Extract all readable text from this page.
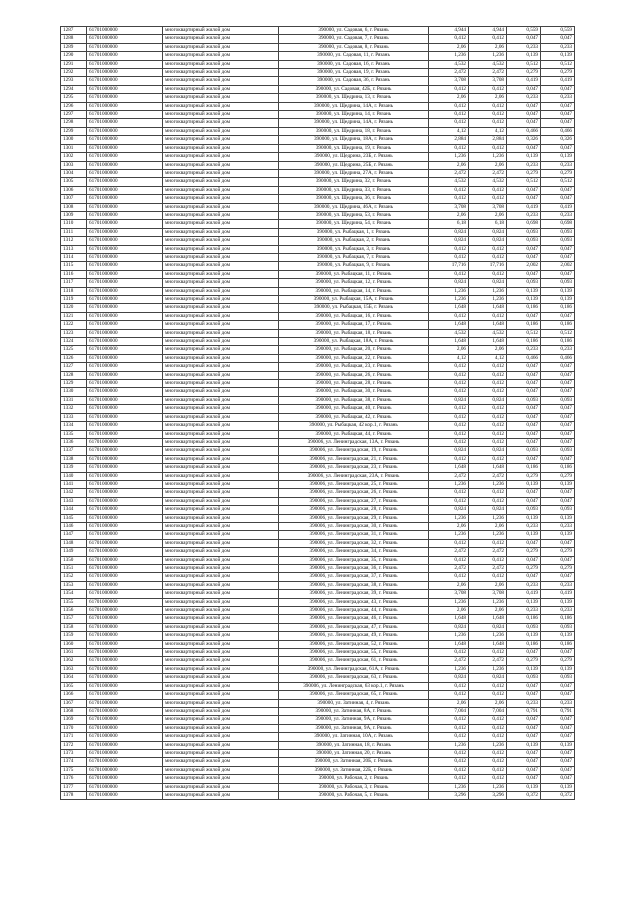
1287	61701000000	многоквартирный жилой дом	390000, ул. Садовая, 6, г. Рязань	4,944	4,944	0,559	0,559
1288	61701000000	многоквартирный жилой дом	390000, ул. Садовая, 7, г. Рязань	0,412	0,412	0,047	0,047
1289	61701000000	многоквартирный жилой дом	390000, ул. Садовая, 8, г. Рязань	2,06	2,06	0,233	0,233
1290	61701000000	многоквартирный жилой дом	390000, ул. Садовая, 11, г. Рязань	1,236	1,236	0,139	0,139
1291	61701000000	многоквартирный жилой дом	390000, ул. Садовая, 16, г. Рязань	4,532	4,532	0,512	0,512
1292	61701000000	многоквартирный жилой дом	390000, ул. Садовая, 19, г. Рязань	2,472	2,472	0,279	0,279
1293	61701000000	многоквартирный жилой дом	390000, ул. Садовая, 36, г. Рязань	3,708	3,708	0,419	0,419
1294	61701000000	многоквартирный жилой дом	390000, ул. Садовая, 42Б, г. Рязань	0,412	0,412	0,047	0,047
1295	61701000000	многоквартирный жилой дом	390000, ул. Щедрина, 13, г. Рязань	2,06	2,06	0,233	0,233
1296	61701000000	многоквартирный жилой дом	390000, ул. Щедрина, 14А, г. Рязань	0,412	0,412	0,047	0,047
1297	61701000000	многоквартирный жилой дом	390000, ул. Щедрина, 14, г. Рязань	0,412	0,412	0,047	0,047
1298	61701000000	многоквартирный жилой дом	390000, ул. Щедрина, 14А, г. Рязань	0,412	0,412	0,047	0,047
1299	61701000000	многоквартирный жилой дом	390000, ул. Щедрина, 18, г. Рязань	4,12	4,12	0,466	0,466
1300	61701000000	многоквартирный жилой дом	390000, ул. Щедрина, 18А, г. Рязань	2,884	2,884	0,326	0,326
1301	61701000000	многоквартирный жилой дом	390000, ул. Щедрина, 19, г. Рязань	0,412	0,412	0,047	0,047
1302	61701000000	многоквартирный жилой дом	390000, ул. Щедрина, 23Б, г. Рязань	1,236	1,236	0,139	0,139
1303	61701000000	многоквартирный жилой дом	390000, ул. Щедрина, 25Б, г. Рязань	2,06	2,06	0,233	0,233
1304	61701000000	многоквартирный жилой дом	390000, ул. Щедрина, 27А, г. Рязань	2,472	2,472	0,279	0,279
1305	61701000000	многоквартирный жилой дом	390000, ул. Щедрина, 32, г. Рязань	4,532	4,532	0,512	0,512
1306	61701000000	многоквартирный жилой дом	390000, ул. Щедрина, 33, г. Рязань	0,412	0,412	0,047	0,047
1307	61701000000	многоквартирный жилой дом	390000, ул. Щедрина, 36, г. Рязань	0,412	0,412	0,047	0,047
1308	61701000000	многоквартирный жилой дом	390000, ул. Щедрина, 46А, г. Рязань	3,708	3,708	0,419	0,419
1309	61701000000	многоквартирный жилой дом	390000, ул. Щедрина, 53, г. Рязань	2,06	2,06	0,233	0,233
1310	61701000000	многоквартирный жилой дом	390000, ул. Щедрина, 54, г. Рязань	6,18	6,18	0,698	0,698
1311	61701000000	многоквартирный жилой дом	390000, ул. Рыбацкая, 1, г. Рязань	0,824	0,824	0,093	0,093
1312	61701000000	многоквартирный жилой дом	390000, ул. Рыбацкая, 2, г. Рязань	0,824	0,824	0,093	0,093
1313	61701000000	многоквартирный жилой дом	390000, ул. Рыбацкая, 3, г. Рязань	0,412	0,412	0,047	0,047
1314	61701000000	многоквартирный жилой дом	390000, ул. Рыбацкая, 7, г. Рязань	0,412	0,412	0,047	0,047
1315	61701000000	многоквартирный жилой дом	390000, ул. Рыбацкая, 9, г. Рязань	17,716	17,716	2,002	2,002
1316	61701000000	многоквартирный жилой дом	390000, ул. Рыбацкая, 11, г. Рязань	0,412	0,412	0,047	0,047
1317	61701000000	многоквартирный жилой дом	390000, ул. Рыбацкая, 12, г. Рязань	0,824	0,824	0,093	0,093
1318	61701000000	многоквартирный жилой дом	390000, ул. Рыбацкая, 14, г. Рязань	1,236	1,236	0,139	0,139
1319	61701000000	многоквартирный жилой дом	390000, ул. Рыбацкая, 15А, г. Рязань	1,236	1,236	0,139	0,139
1320	61701000000	многоквартирный жилой дом	390000, ул. Рыбацкая, 15Б, г. Рязань	1,648	1,648	0,186	0,186
1321	61701000000	многоквартирный жилой дом	390000, ул. Рыбацкая, 16, г. Рязань	0,412	0,412	0,047	0,047
1322	61701000000	многоквартирный жилой дом	390000, ул. Рыбацкая, 17, г. Рязань	1,648	1,648	0,186	0,186
1323	61701000000	многоквартирный жилой дом	390000, ул. Рыбацкая, 18, г. Рязань	4,532	4,532	0,512	0,512
1324	61701000000	многоквартирный жилой дом	390000, ул. Рыбацкая, 18А, г. Рязань	1,648	1,648	0,186	0,186
1325	61701000000	многоквартирный жилой дом	390000, ул. Рыбацкая, 20, г. Рязань	2,06	2,06	0,233	0,233
1326	61701000000	многоквартирный жилой дом	390000, ул. Рыбацкая, 22, г. Рязань	4,12	4,12	0,466	0,466
1327	61701000000	многоквартирный жилой дом	390000, ул. Рыбацкая, 23, г. Рязань	0,412	0,412	0,047	0,047
1328	61701000000	многоквартирный жилой дом	390000, ул. Рыбацкая, 26, г. Рязань	0,412	0,412	0,047	0,047
1329	61701000000	многоквартирный жилой дом	390000, ул. Рыбацкая, 28, г. Рязань	0,412	0,412	0,047	0,047
1330	61701000000	многоквартирный жилой дом	390000, ул. Рыбацкая, 30, г. Рязань	0,412	0,412	0,047	0,047
1331	61701000000	многоквартирный жилой дом	390000, ул. Рыбацкая, 38, г. Рязань	0,824	0,824	0,093	0,093
1332	61701000000	многоквартирный жилой дом	390000, ул. Рыбацкая, 40, г. Рязань	0,412	0,412	0,047	0,047
1333	61701000000	многоквартирный жилой дом	390000, ул. Рыбацкая, 42, г. Рязань	0,412	0,412	0,047	0,047
1334	61701000000	многоквартирный жилой дом	390000, ул. Рыбацкая, 42 кор.1, г. Рязань	0,412	0,412	0,047	0,047
1335	61701000000	многоквартирный жилой дом	390000, ул. Рыбацкая, 44, г. Рязань	0,412	0,412	0,047	0,047
1336	61701000000	многоквартирный жилой дом	390006, ул. Ленинградская, 13А, г. Рязань	0,412	0,412	0,047	0,047
1337	61701000000	многоквартирный жилой дом	390006, ул. Ленинградская, 19, г. Рязань	0,824	0,824	0,093	0,093
1338	61701000000	многоквартирный жилой дом	390006, ул. Ленинградская, 21, г. Рязань	0,412	0,412	0,047	0,047
1339	61701000000	многоквартирный жилой дом	390006, ул. Ленинградская, 23, г. Рязань	1,648	1,648	0,186	0,186
1340	61701000000	многоквартирный жилой дом	390006, ул. Ленинградская, 23А, г. Рязань	2,472	2,472	0,279	0,279
1341	61701000000	многоквартирный жилой дом	390006, ул. Ленинградская, 25, г. Рязань	1,236	1,236	0,139	0,139
1342	61701000000	многоквартирный жилой дом	390006, ул. Ленинградская, 26, г. Рязань	0,412	0,412	0,047	0,047
1343	61701000000	многоквартирный жилой дом	390006, ул. Ленинградская, 27, г. Рязань	0,412	0,412	0,047	0,047
1344	61701000000	многоквартирный жилой дом	390006, ул. Ленинградская, 28, г. Рязань	0,824	0,824	0,093	0,093
1345	61701000000	многоквартирный жилой дом	390006, ул. Ленинградская, 29, г. Рязань	1,236	1,236	0,139	0,139
1346	61701000000	многоквартирный жилой дом	390006, ул. Ленинградская, 30, г. Рязань	2,06	2,06	0,233	0,233
1347	61701000000	многоквартирный жилой дом	390006, ул. Ленинградская, 31, г. Рязань	1,236	1,236	0,139	0,139
1348	61701000000	многоквартирный жилой дом	390006, ул. Ленинградская, 32, г. Рязань	0,412	0,412	0,047	0,047
1349	61701000000	многоквартирный жилой дом	390006, ул. Ленинградская, 34, г. Рязань	2,472	2,472	0,279	0,279
1350	61701000000	многоквартирный жилой дом	390006, ул. Ленинградская, 35, г. Рязань	0,412	0,412	0,047	0,047
1351	61701000000	многоквартирный жилой дом	390006, ул. Ленинградская, 36, г. Рязань	2,472	2,472	0,279	0,279
1352	61701000000	многоквартирный жилой дом	390006, ул. Ленинградская, 37, г. Рязань	0,412	0,412	0,047	0,047
1353	61701000000	многоквартирный жилой дом	390006, ул. Ленинградская, 38, г. Рязань	2,06	2,06	0,233	0,233
1354	61701000000	многоквартирный жилой дом	390006, ул. Ленинградская, 39, г. Рязань	3,708	3,708	0,419	0,419
1355	61701000000	многоквартирный жилой дом	390006, ул. Ленинградская, 43, г. Рязань	1,236	1,236	0,139	0,139
1356	61701000000	многоквартирный жилой дом	390006, ул. Ленинградская, 44, г. Рязань	2,06	2,06	0,233	0,233
1357	61701000000	многоквартирный жилой дом	390006, ул. Ленинградская, 46, г. Рязань	1,648	1,648	0,186	0,186
1358	61701000000	многоквартирный жилой дом	390006, ул. Ленинградская, 47, г. Рязань	0,824	0,824	0,093	0,093
1359	61701000000	многоквартирный жилой дом	390006, ул. Ленинградская, 49, г. Рязань	1,236	1,236	0,139	0,139
1360	61701000000	многоквартирный жилой дом	390006, ул. Ленинградская, 52, г. Рязань	1,648	1,648	0,186	0,186
1361	61701000000	многоквартирный жилой дом	390006, ул. Ленинградская, 55, г. Рязань	0,412	0,412	0,047	0,047
1362	61701000000	многоквартирный жилой дом	390006, ул. Ленинградская, 61, г. Рязань	2,472	2,472	0,279	0,279
1363	61701000000	многоквартирный жилой дом	390000, ул. Ленинградская, 61А, г. Рязань	1,236	1,236	0,139	0,139
1364	61701000000	многоквартирный жилой дом	390006, ул. Ленинградская, 63, г. Рязань	0,824	0,824	0,093	0,093
1365	61701000000	многоквартирный жилой дом	390006, ул. Ленинградская, 63 кор.1, г. Рязань	0,412	0,412	0,047	0,047
1366	61701000000	многоквартирный жилой дом	390006, ул. Ленинградская, 65, г. Рязань	0,412	0,412	0,047	0,047
1367	61701000000	многоквартирный жилой дом	390000, ул. Затинная, 4, г. Рязань	2,06	2,06	0,233	0,233
1368	61701000000	многоквартирный жилой дом	390000, ул. Затинная, 8А, г. Рязань	7,004	7,004	0,791	0,791
1369	61701000000	многоквартирный жилой дом	390000, ул. Затинная, 9А, г. Рязань	0,412	0,412	0,047	0,047
1370	61701000000	многоквартирный жилой дом	390000, ул. Затинная, 9А, г. Рязань	0,412	0,412	0,047	0,047
1371	61701000000	многоквартирный жилой дом	390000, ул. Затинная, 10А, г. Рязань	0,412	0,412	0,047	0,047
1372	61701000000	многоквартирный жилой дом	390000, ул. Затинная, 18, г. Рязань	1,236	1,236	0,139	0,139
1373	61701000000	многоквартирный жилой дом	390000, ул. Затинная, 20, г. Рязань	0,412	0,412	0,047	0,047
1374	61701000000	многоквартирный жилой дом	390000, ул. Затинная, 20Б, г. Рязань	0,412	0,412	0,047	0,047
1375	61701000000	многоквартирный жилой дом	390000, ул. Затинная, 22Б, г. Рязань	0,412	0,412	0,047	0,047
1376	61701000000	многоквартирный жилой дом	390000, ул. Рабочая, 2, г. Рязань	0,412	0,412	0,047	0,047
1377	61701000000	многоквартирный жилой дом	390000, ул. Рабочая, 3, г. Рязань	1,236	1,236	0,139	0,139
1378	61701000000	многоквартирный жилой дом	390000, ул. Рабочая, 5, г. Рязань	3,296	3,296	0,372	0,372
